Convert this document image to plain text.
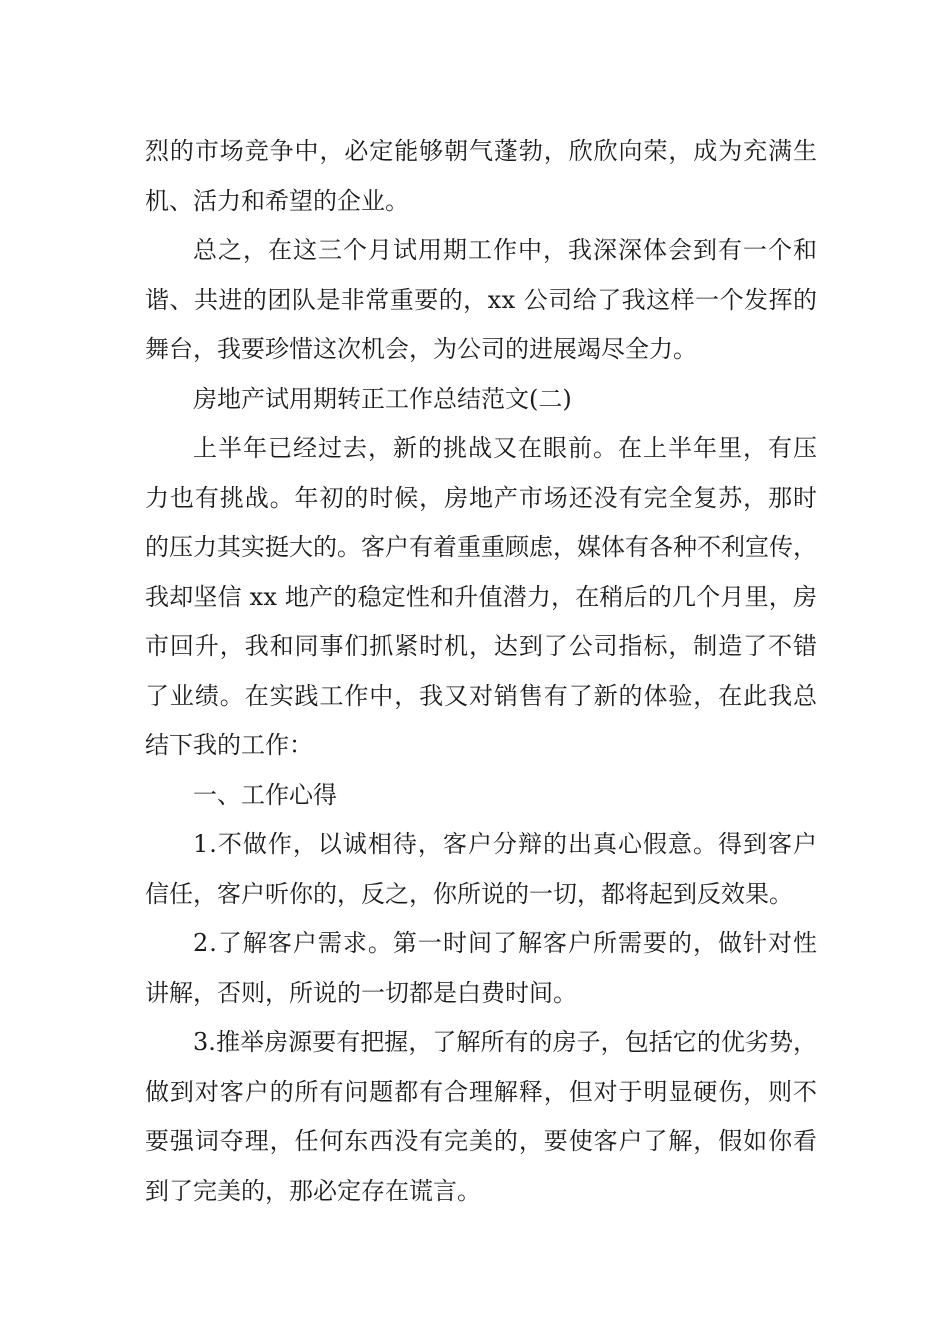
烈的市场竞争中，必定能够朝气蓬勃，欣欣向荣，成为充满生
机、活力和希望的企业。
总之，在这三个月试用期工作中，我深深体会到有一个和
谐、共进的团队是非常重要的，xx 公司给了我这样一个发挥的
舞台，我要珍惜这次机会，为公司的进展竭尽全力。
房地产试用期转正工作总结范文(二)
上半年已经过去，新的挑战又在眼前。在上半年里，有压
力也有挑战。年初的时候，房地产市场还没有完全复苏，那时
的压力其实挺大的。客户有着重重顾虑，媒体有各种不利宣传，
我却坚信 xx 地产的稳定性和升值潜力，在稍后的几个月里，房
市回升，我和同事们抓紧时机，达到了公司指标，制造了不错
了业绩。在实践工作中，我又对销售有了新的体验，在此我总
结下我的工作：
一、工作心得
1.不做作，以诚相待，客户分辩的出真心假意。得到客户
信任，客户听你的，反之，你所说的一切，都将起到反效果。
2.了解客户需求。第一时间了解客户所需要的，做针对性
讲解，否则，所说的一切都是白费时间。
3.推举房源要有把握，了解所有的房子，包括它的优劣势，
做到对客户的所有问题都有合理解释，但对于明显硬伤，则不
要强词夺理，任何东西没有完美的，要使客户了解，假如你看
到了完美的，那必定存在谎言。
